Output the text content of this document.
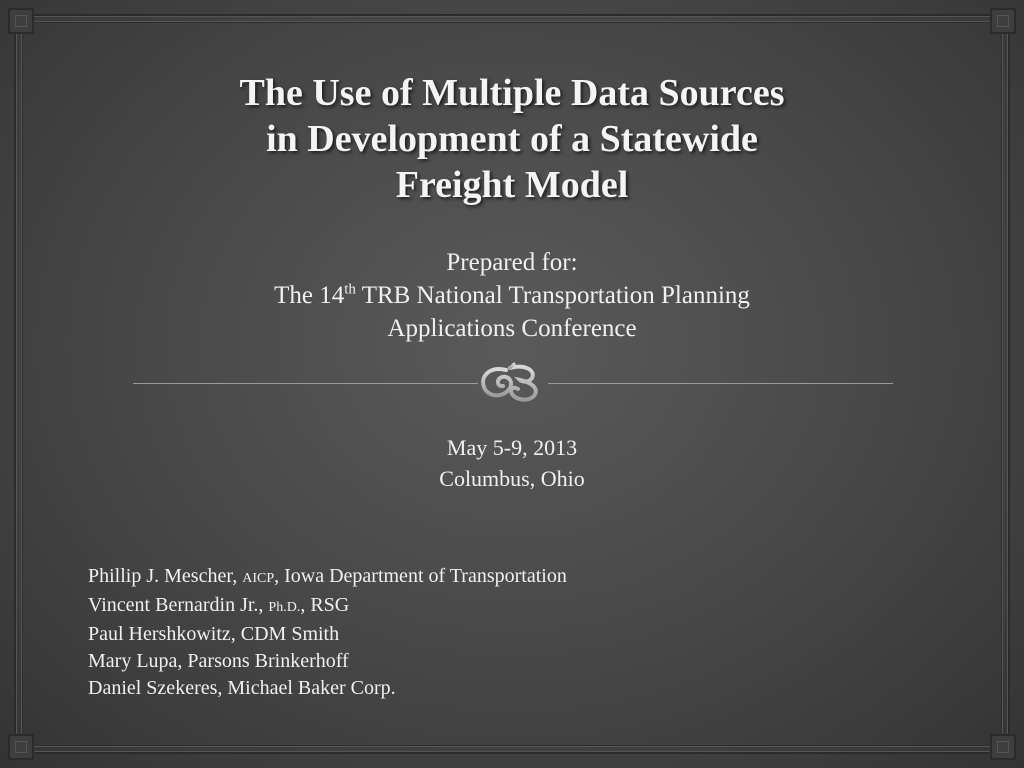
The Use of Multiple Data Sources
in Development of a Statewide
Freight Model
Prepared for:
The 14th TRB National Transportation Planning
Applications Conference
May 5-9, 2013
Columbus, Ohio
Phillip J. Mescher, AICP, Iowa Department of Transportation
Vincent Bernardin Jr., Ph.D., RSG
Paul Hershkowitz, CDM Smith
Mary Lupa, Parsons Brinkerhoff
Daniel Szekeres, Michael Baker Corp.
